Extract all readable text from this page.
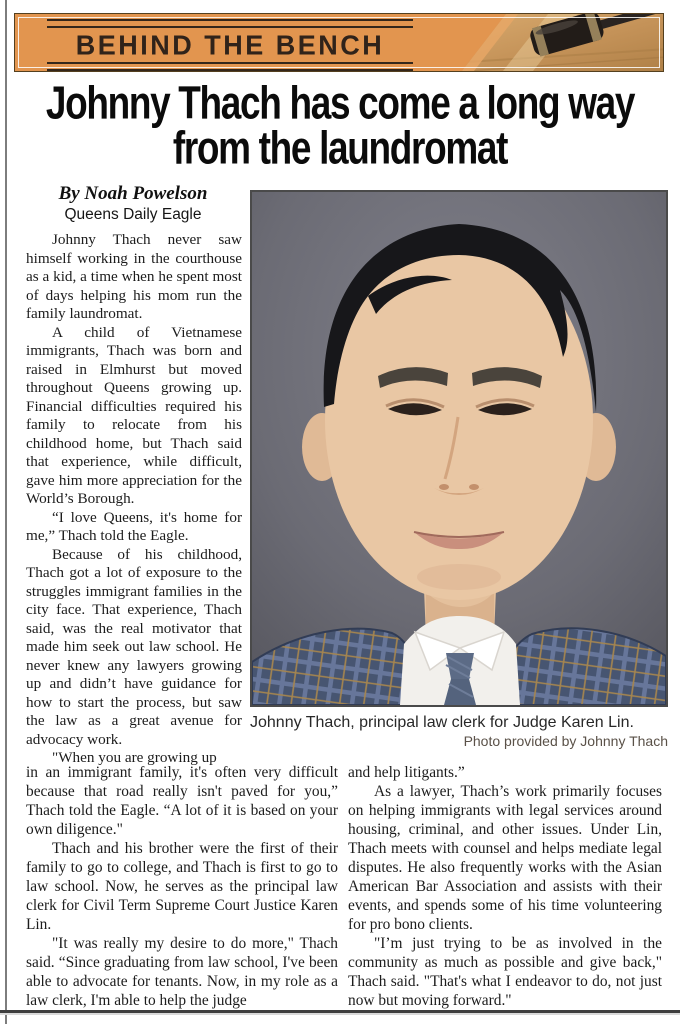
BEHIND THE BENCH
Johnny Thach has come a long way
from the laundromat
By Noah Powelson
Queens Daily Eagle
Johnny Thach, principal law clerk for Judge Karen Lin.
Photo provided by Johnny Thach

Johnny Thach never saw himself working in the courthouse as a kid, a time when he spent most of days helping his mom run the family laundromat.

A child of Vietnamese immigrants, Thach was born and raised in Elmhurst but moved throughout Queens growing up. Financial difficulties required his family to relocate from his childhood home, but Thach said that experience, while difficult, gave him more appreciation for the World’s Borough.

“I love Queens, it's home for me,” Thach told the Eagle.

Because of his childhood, Thach got a lot of exposure to the struggles immigrant families in the city face. That experience, Thach said, was the real motivator that made him seek out law school. He never knew any lawyers growing up and didn’t have guidance for how to start the process, but saw the law as a great avenue for advocacy work.

"When you are growing up

in an immigrant family, it's often very difficult because that road really isn't paved for you,” Thach told the Eagle. “A lot of it is based on your own diligence."

Thach and his brother were the first of their family to go to college, and Thach is first to go to law school. Now, he serves as the principal law clerk for Civil Term Supreme Court Justice Karen Lin.

"It was really my desire to do more," Thach said. “Since graduating from law school, I've been able to advocate for tenants. Now, in my role as a law clerk, I'm able to help the judge

and help litigants.”

As a lawyer, Thach’s work primarily focuses on helping immigrants with legal services around housing, criminal, and other issues. Under Lin, Thach meets with counsel and helps mediate legal disputes. He also frequently works with the Asian American Bar Association and assists with their events, and spends some of his time volunteering for pro bono clients.

"I’m just trying to be as involved in the community as much as possible and give back," Thach said. "That's what I endeavor to do, not just now but moving forward."
